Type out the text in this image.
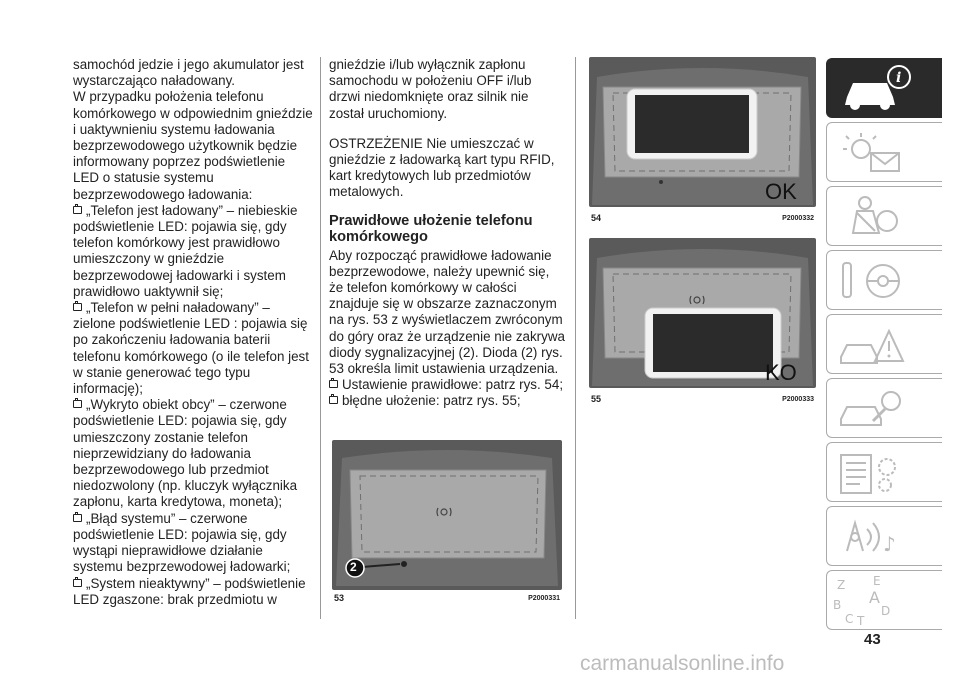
samochód jedzie i jego akumulator jest wystarczająco naładowany.

W przypadku położenia telefonu komórkowego w odpowiednim gnieździe i uaktywnieniu systemu ładowania bezprzewodowego użytkownik będzie informowany poprzez podświetlenie LED o statusie systemu bezprzewodowego ładowania:

„Telefon jest ładowany” – niebieskie podświetlenie LED: pojawia się, gdy telefon komórkowy jest prawidłowo umieszczony w gnieździe bezprzewodowej ładowarki i system prawidłowo uaktywnił się;

„Telefon w pełni naładowany” – zielone podświetlenie LED : pojawia się po zakończeniu ładowania baterii telefonu komórkowego (o ile telefon jest w stanie generować tego typu informację);

„Wykryto obiekt obcy” – czerwone podświetlenie LED: pojawia się, gdy umieszczony zostanie telefon nieprzewidziany do ładowania bezprzewodowego lub przedmiot niedozwolony (np. kluczyk wyłącznika zapłonu, karta kredytowa, moneta);

„Błąd systemu” – czerwone podświetlenie LED: pojawia się, gdy wystąpi nieprawidłowe działanie systemu bezprzewodowej ładowarki;

„System nieaktywny” – podświetlenie LED zgaszone: brak przedmiotu w

gnieździe i/lub wyłącznik zapłonu samochodu w położeniu OFF i/lub drzwi niedomknięte oraz silnik nie został uruchomiony.

OSTRZEŻENIE Nie umieszczać w gnieździe z ładowarką kart typu RFID, kart kredytowych lub przedmiotów metalowych.

Prawidłowe ułożenie telefonu komórkowego

Aby rozpocząć prawidłowe ładowanie bezprzewodowe, należy upewnić się, że telefon komórkowy w całości znajduje się w obszarze zaznaczonym na rys. 53 z wyświetlaczem zwróconym do góry oraz że urządzenie nie zakrywa diody sygnalizacyjnej (2). Dioda (2) rys. 53 określa limit ustawienia urządzenia.

Ustawienie prawidłowe: patrz rys. 54;

błędne ułożenie: patrz rys. 55;

2
53	P2000331
OK
54	P2000332
KO
55	P2000333
i
♪
Z E
A
B
C T
D
43
carmanualsonline.info
